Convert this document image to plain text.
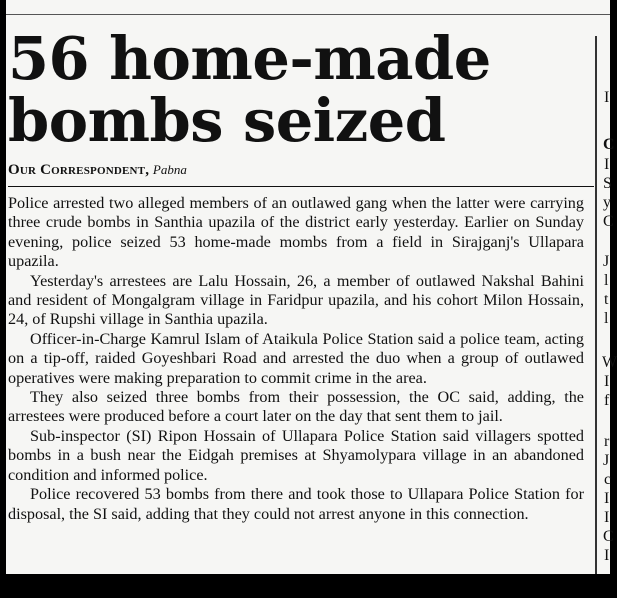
56 home-made bombs seized

Our Correspondent, Pabna

Police arrested two alleged members of an outlawed gang when the latter were carrying three crude bombs in Santhia upazila of the district early yesterday. Earlier on Sunday evening, police seized 53 home-made mombs from a field in Sirajganj's Ullapara upazila.

Yesterday's arrestees are Lalu Hossain, 26, a member of outlawed Nakshal Bahini and resident of Mongalgram village in Faridpur upazila, and his cohort Milon Hossain, 24, of Rupshi village in Santhia upazila.

Officer-in-Charge Kamrul Islam of Ataikula Police Station said a police team, acting on a tip-off, raided Goyeshbari Road and arrested the duo when a group of outlawed operatives were making preparation to commit crime in the area.

They also seized three bombs from their possession, the OC said, adding, the arrestees were produced before a court later on the day that sent them to jail.

Sub-inspector (SI) Ripon Hossain of Ullapara Police Station said villagers spotted bombs in a bush near the Eidgah premises at Shyamolypara village in an abandoned condition and informed police.

Police recovered 53 bombs from there and took those to Ullapara Police Station for disposal, the SI said, adding that they could not arrest anyone in this connection.

I
C
I
S
y
C
J
l
t
l
W
I
f
r
J
c
I
I
C
I
